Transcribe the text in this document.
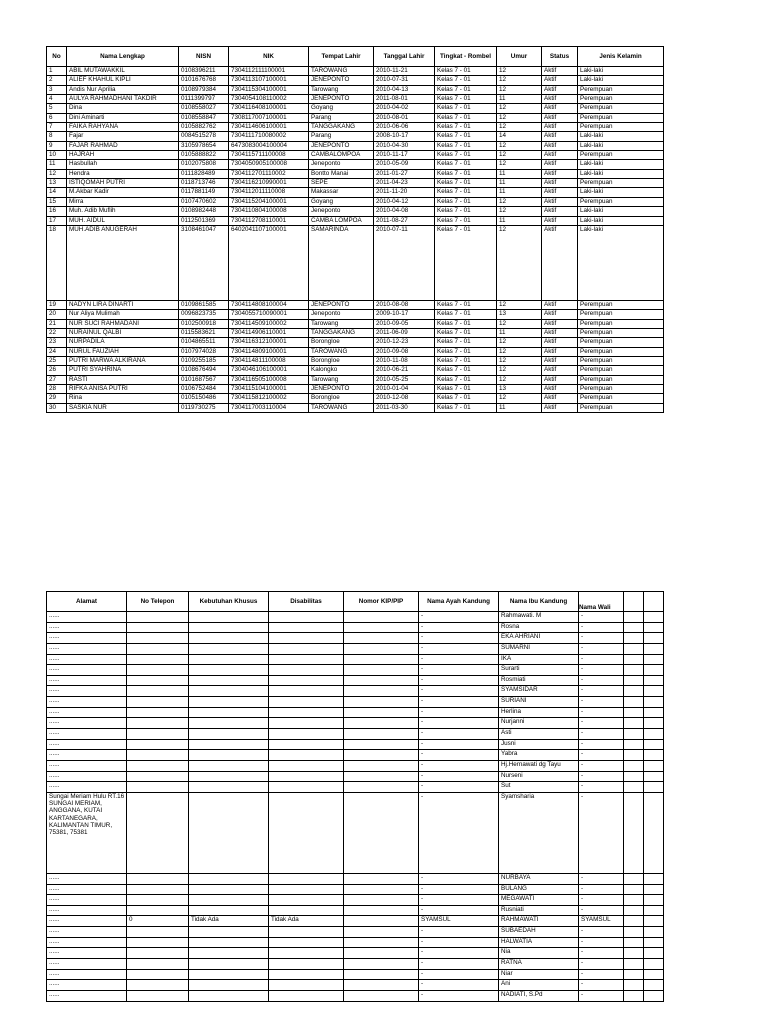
No	Nama Lengkap	NISN	NIK	Tempat Lahir	Tanggal Lahir	Tingkat - Rombel	Umur	Status	Jenis Kelamin
1	ABIL MUTAWAKKIL	0108396211	7304112111100001	TAROWANG	2010-11-21	Kelas 7 - 01	12	Aktif	Laki-laki
2	ALIEF KHAHUL KIPLI	0101676768	7304113107100001	JENEPONTO	2010-07-31	Kelas 7 - 01	12	Aktif	Laki-laki
3	Andis Nur Aprilia	0108979384	7304115304100001	Tarowang	2010-04-13	Kelas 7 - 01	12	Aktif	Perempuan
4	AULYA RAHMADHANI TAKDIR	0111399797	7304054108110002	JENEPONTO	2011-08-01	Kelas 7 - 01	11	Aktif	Perempuan
5	Dina	0108558027	7304116408100001	Goyang	2010-04-02	Kelas 7 - 01	12	Aktif	Perempuan
6	Dini Aminarti	0108558847	7308117007100001	Parang	2010-08-01	Kelas 7 - 01	12	Aktif	Perempuan
7	FAIKA RAHYANA	0105882762	7304114606100001	TANGGAKANG	2010-06-06	Kelas 7 - 01	12	Aktif	Perempuan
8	Fajar	0084515278	7304111710080002	Parang	2008-10-17	Kelas 7 - 01	14	Aktif	Laki-laki
9	FAJAR RAHMAD	3105978654	6473083004100004	JENEPONTO	2010-04-30	Kelas 7 - 01	12	Aktif	Laki-laki
10	HAJRAH	0105888822	7304115711100008	CAMBALOMPOA	2010-11-17	Kelas 7 - 01	12	Aktif	Perempuan
11	Hasbullah	0102075808	7304050905100008	Jeneponto	2010-05-09	Kelas 7 - 01	12	Aktif	Laki-laki
12	Hendra	0111828489	7304112701110002	Bontto Manai	2011-01-27	Kelas 7 - 01	11	Aktif	Laki-laki
13	ISTIQOMAH PUTRI	0118713746	7304116210990001	SEPE	2011-04-23	Kelas 7 - 01	11	Aktif	Perempuan
14	M.Akbar Kadir	0117881149	7304112011110008	Makassar	2011-11-20	Kelas 7 - 01	11	Aktif	Laki-laki
15	Mirra	0107470602	7304115204100001	Goyang	2010-04-12	Kelas 7 - 01	12	Aktif	Perempuan
16	Muh. Adib Muflih	0108982448	7304110804100008	Jeneponto	2010-04-08	Kelas 7 - 01	12	Aktif	Laki-laki
17	MUH. AIDUL	0112501369	7304112708110001	CAMBA LOMPOA	2011-08-27	Kelas 7 - 01	11	Aktif	Laki-laki
18	MUH.ADIB ANUGERAH	3108461047	6402041107100001	SAMARINDA	2010-07-11	Kelas 7 - 01	12	Aktif	Laki-laki
19	NADYN LIRA DINARTI	0109861585	7304114808100004	JENEPONTO	2010-08-08	Kelas 7 - 01	12	Aktif	Perempuan
20	Nur Aliya Mulimah	0096823735	7304055710090001	Jeneponto	2009-10-17	Kelas 7 - 01	13	Aktif	Perempuan
21	NUR SUCI RAHMADANI	0102500918	7304114509100002	Tarowang	2010-09-05	Kelas 7 - 01	12	Aktif	Perempuan
22	NURAINUL QALBI	0115583621	7304114906110001	TANGGAKANG	2011-06-09	Kelas 7 - 01	11	Aktif	Perempuan
23	NURPADILA	0104865511	7304116312100001	Borongloe	2010-12-23	Kelas 7 - 01	12	Aktif	Perempuan
24	NURUL FAUZIAH	0107974028	7304114809100001	TAROWANG	2010-09-08	Kelas 7 - 01	12	Aktif	Perempuan
25	PUTRI MARWA ALKIRANA	0109255185	7304114811100008	Borongloe	2010-11-08	Kelas 7 - 01	12	Aktif	Perempuan
26	PUTRI SYAHRINA	0108676494	7304046106100001	Kalongko	2010-06-21	Kelas 7 - 01	12	Aktif	Perempuan
27	RASTI	0101687567	7304116505100008	Tarowang	2010-05-25	Kelas 7 - 01	12	Aktif	Perempuan
28	RIFKA ANISA PUTRI	0106752484	7304115104100001	JENEPONTO	2010-01-04	Kelas 7 - 01	13	Aktif	Perempuan
29	Rina	0105150486	7304115812100002	Borongloe	2010-12-08	Kelas 7 - 01	12	Aktif	Perempuan
30	SASKIA NUR	0119730275	7304117003110004	TAROWANG	2011-03-30	Kelas 7 - 01	11	Aktif	Perempuan
Alamat	No Telepon	Kebutuhan Khusus	Disabilitas	Nomor KIP/PIP	Nama Ayah Kandung	Nama Ibu Kandung	Nama Wali		
......					-	Rahmawati. M	-		
......					-	Rosna	-		
......					-	EKA AHRIANI	-		
......					-	SUMARNI	-		
......					-	IKA	-		
......					-	Surarti	-		
......					-	Rosmiati	-		
......					-	SYAMSIDAR	-		
......					-	SURIANI	-		
......					-	Herlina	-		
......					-	Nurjanni	-		
......					-	Asti	-		
......					-	Jusni	-		
......					-	Yabra	-		
......					-	Hj.Hernawati dg Tayu	-		
......					-	Nurseni	-		
......					-	Sut	-		
Sungai Meriam Hulu RT.16 SUNGAI MERIAM, ANGGANA, KUTAI KARTANEGARA, KALIMANTAN TIMUR, 75381, 75381					-	Syamsharia	-		
......					-	NURBAYA	-		
......					-	BULANG	-		
......					-	MEGAWATI	-		
......					-	Rusniati	-		
......	0	Tidak Ada	Tidak Ada		SYAMSUL	RAHMAWATI	SYAMSUL		
......					-	SUBAEDAH	-		
......					-	HALWATIA	-		
......					-	Nia	-		
......					-	RATNA	-		
......					-	Niar	-		
......					-	Ani	-		
......					-	NADIATI, S.Pd	-		
